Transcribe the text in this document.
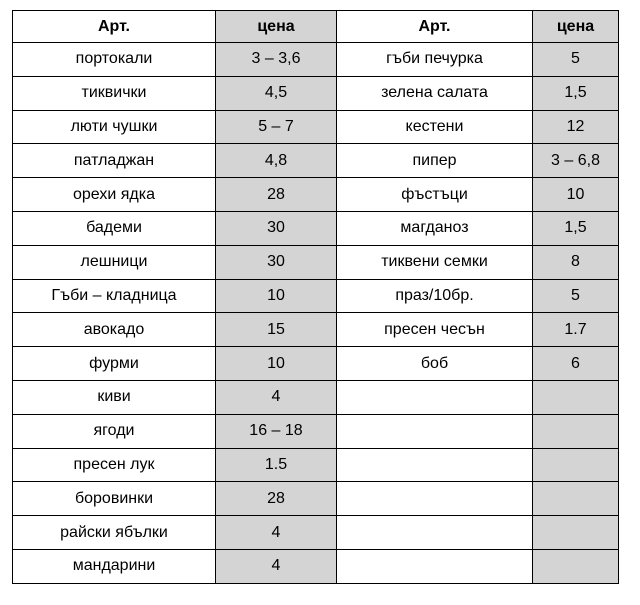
Арт.	цена	Арт.	цена
портокали	3 – 3,6	гъби печурка	5
тиквички	4,5	зелена салата	1,5
люти чушки	5 – 7	кестени	12
патладжан	4,8	пипер	3 – 6,8
орехи ядка	28	фъстъци	10
бадеми	30	магданоз	1,5
лешници	30	тиквени семки	8
Гъби – кладница	10	праз/10бр.	5
авокадо	15	пресен чесън	1.7
фурми	10	боб	6
киви	4		
ягоди	16 – 18		
пресен лук	1.5		
боровинки	28		
райски ябълки	4		
мандарини	4		
